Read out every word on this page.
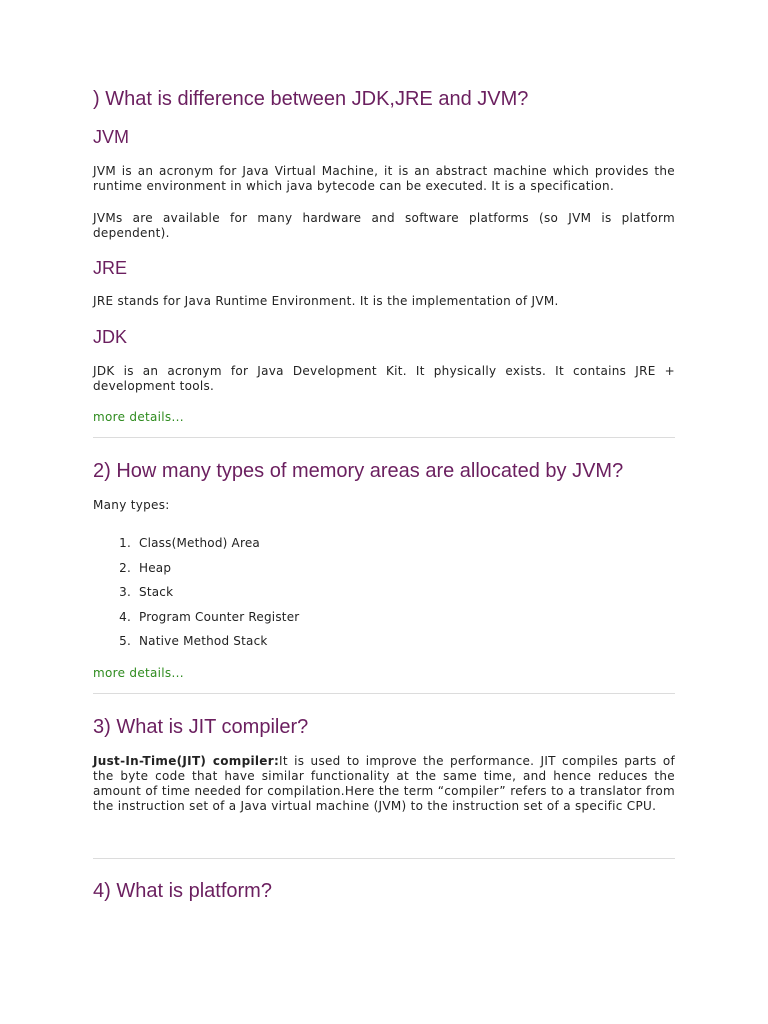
) What is difference between JDK,JRE and JVM?
JVM

JVM is an acronym for Java Virtual Machine, it is an abstract machine which provides the runtime environment in which java bytecode can be executed. It is a specification.

JVMs are available for many hardware and software platforms (so JVM is platform dependent).

JRE

JRE stands for Java Runtime Environment. It is the implementation of JVM.

JDK

JDK is an acronym for Java Development Kit. It physically exists. It contains JRE + development tools.

more details...
2) How many types of memory areas are allocated by JVM?

Many types:

1. Class(Method) Area
2. Heap
3. Stack
4. Program Counter Register
5. Native Method Stack
more details...
3) What is JIT compiler?

Just-In-Time(JIT) compiler:It is used to improve the performance. JIT compiles parts of the byte code that have similar functionality at the same time, and hence reduces the amount of time needed for compilation.Here the term “compiler” refers to a translator from the instruction set of a Java virtual machine (JVM) to the instruction set of a specific CPU.

4) What is platform?
